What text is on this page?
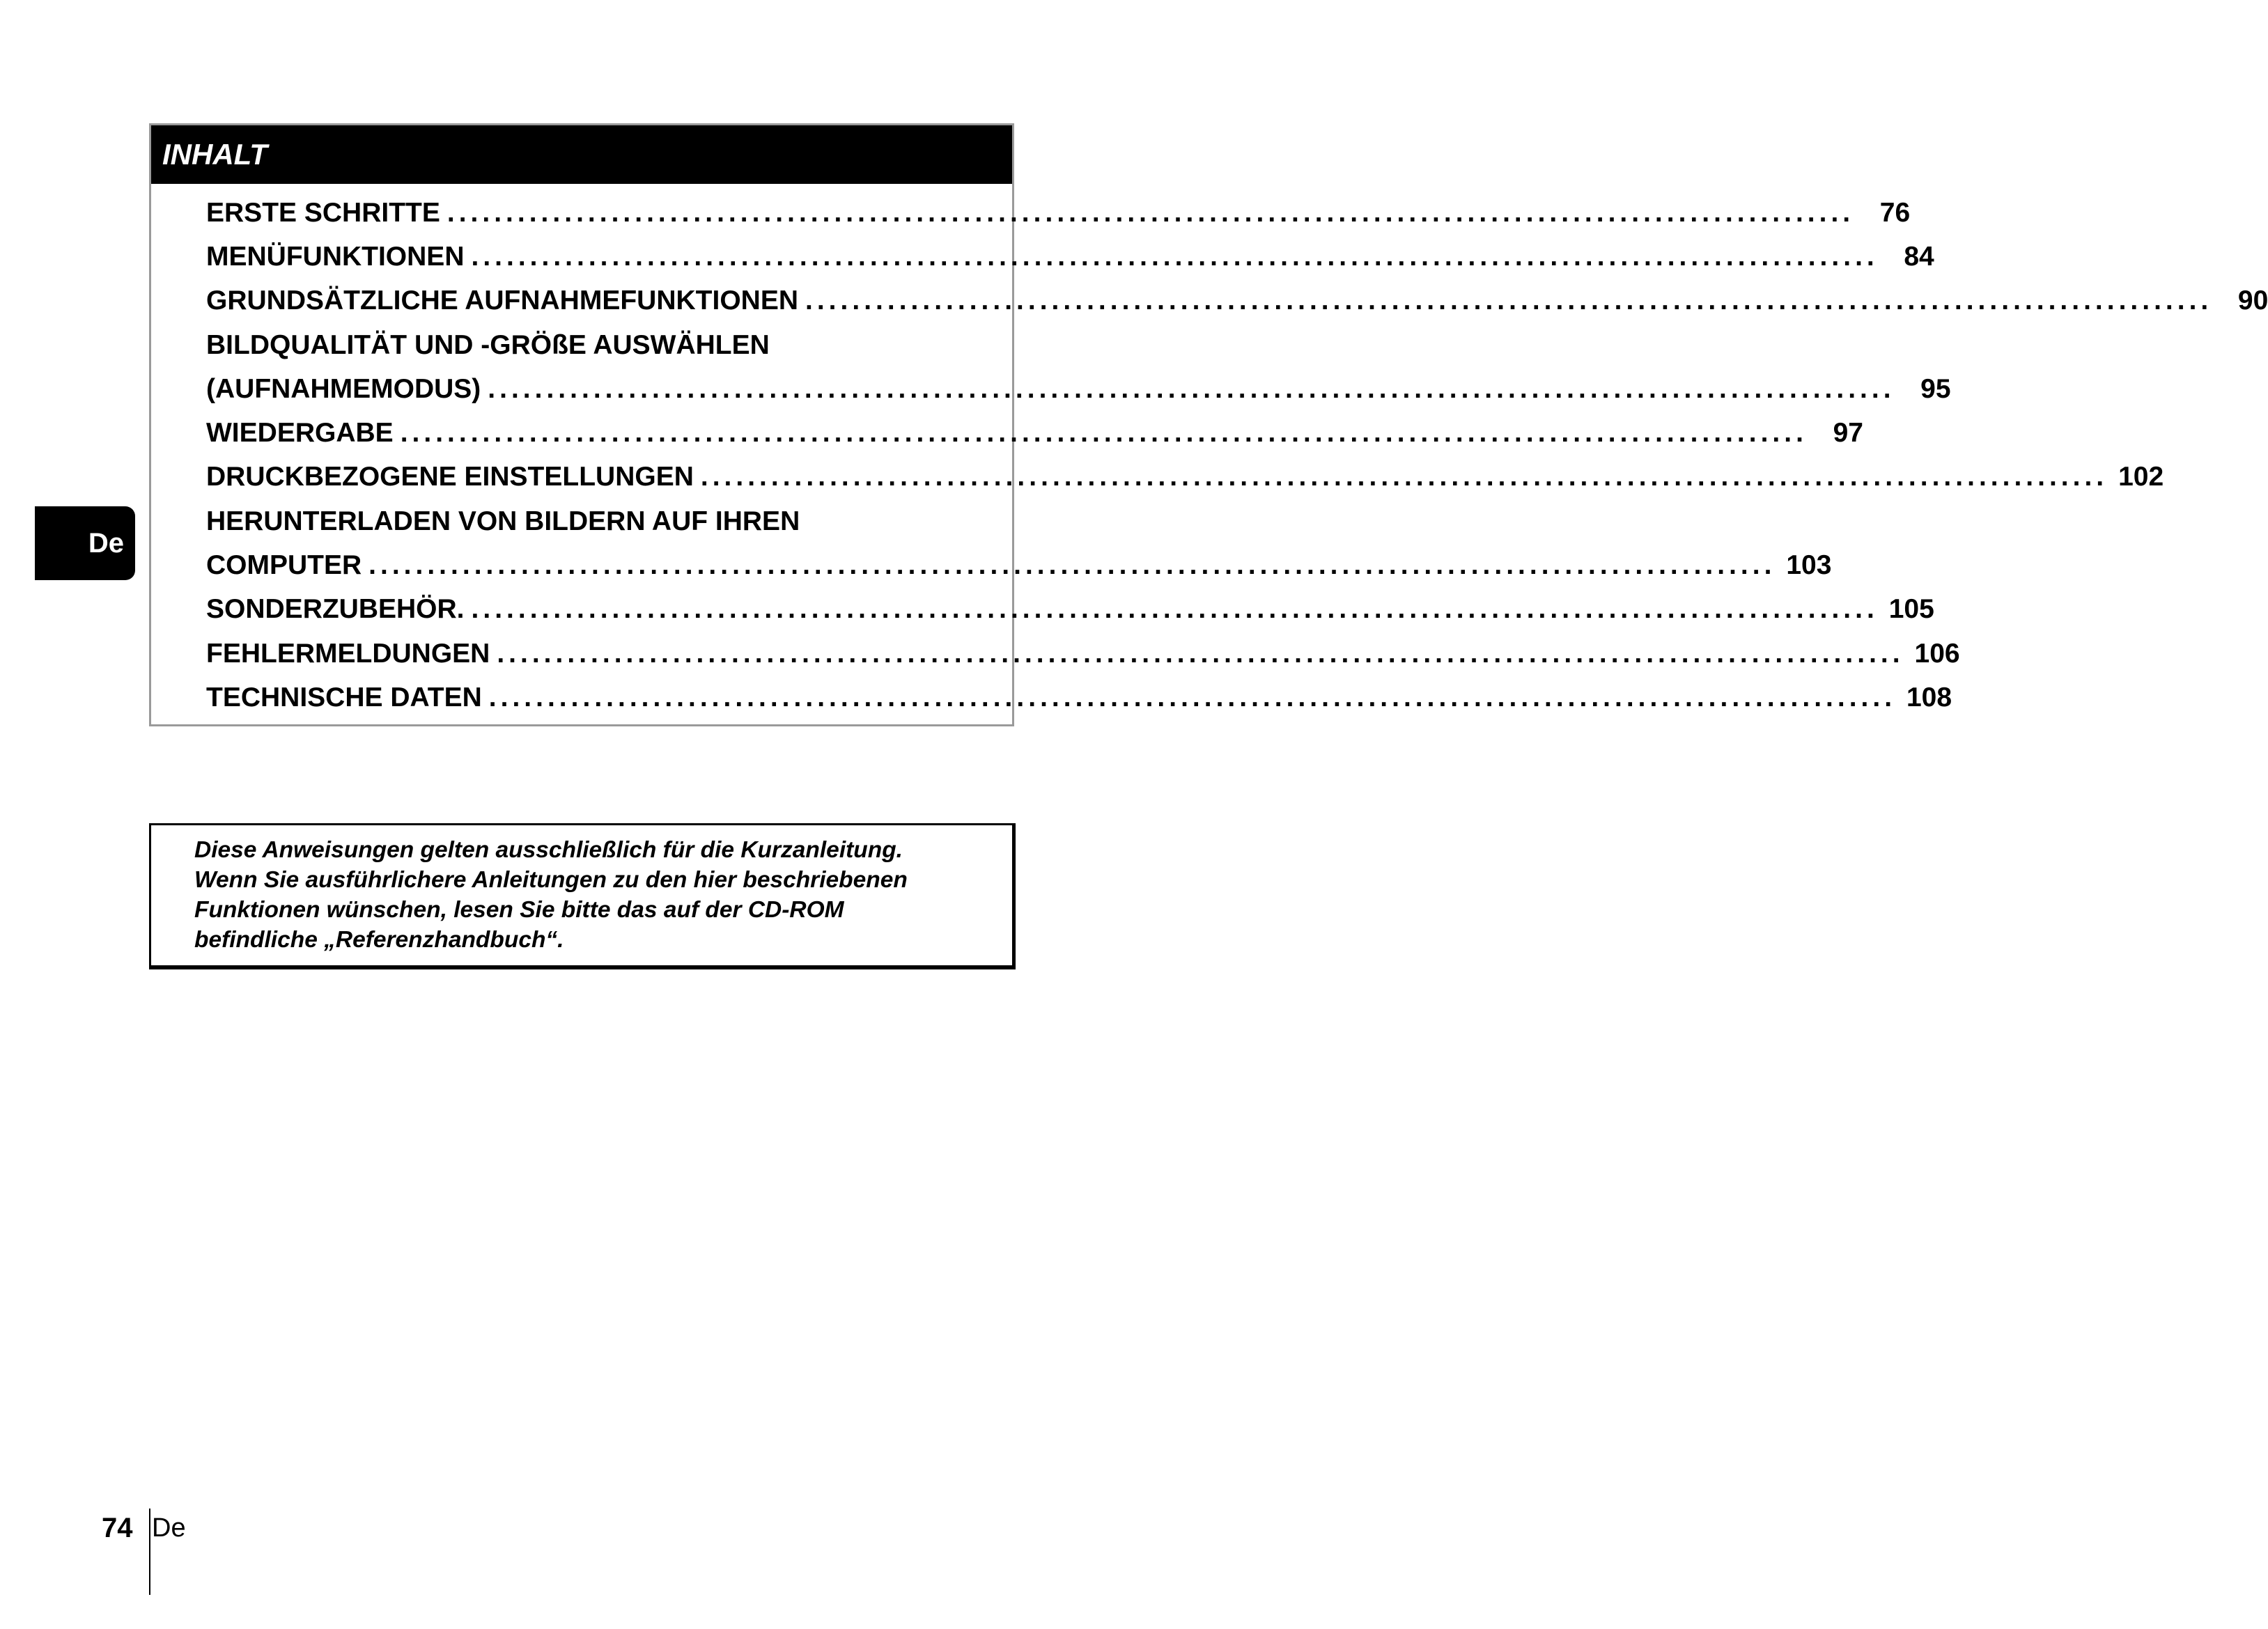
INHALT
ERSTE SCHRITTE ........................................................................................................................ 76
MENÜFUNKTIONEN ........................................................................................................................ 84
GRUNDSÄTZLICHE AUFNAHMEFUNKTIONEN ........................................................................................................................ 90
BILDQUALITÄT UND -GRÖßE AUSWÄHLEN
(AUFNAHMEMODUS) ........................................................................................................................ 95
WIEDERGABE ........................................................................................................................ 97
DRUCKBEZOGENE EINSTELLUNGEN ........................................................................................................................ 102
HERUNTERLADEN VON BILDERN AUF IHREN
COMPUTER ........................................................................................................................ 103
SONDERZUBEHÖR. ........................................................................................................................ 105
FEHLERMELDUNGEN ........................................................................................................................ 106
TECHNISCHE DATEN ........................................................................................................................ 108
De
Diese Anweisungen gelten ausschließlich für die Kurzanleitung.
Wenn Sie ausführlichere Anleitungen zu den hier beschriebenen
Funktionen wünschen, lesen Sie bitte das auf der CD-ROM
befindliche „Referenzhandbuch“.
74 De
